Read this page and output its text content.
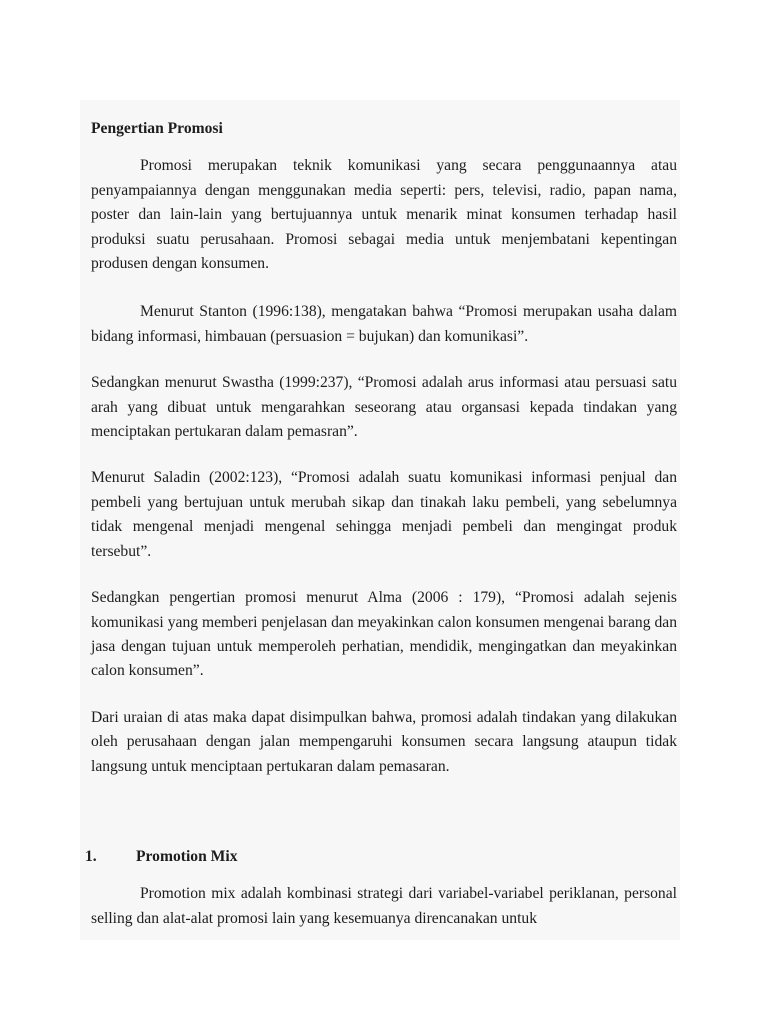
Pengertian Promosi

Promosi merupakan teknik komunikasi yang secara penggunaannya atau penyampaiannya dengan menggunakan media seperti: pers, televisi, radio, papan nama, poster dan lain-lain yang bertujuannya untuk menarik minat konsumen terhadap hasil produksi suatu perusahaan. Promosi sebagai media untuk menjembatani kepentingan produsen dengan konsumen.

Menurut Stanton (1996:138), mengatakan bahwa “Promosi merupakan usaha dalam bidang informasi, himbauan (persuasion = bujukan) dan komunikasi”.

Sedangkan menurut Swastha (1999:237), “Promosi adalah arus informasi atau persuasi satu arah yang dibuat untuk mengarahkan seseorang atau organsasi kepada tindakan yang menciptakan pertukaran dalam pemasran”.

Menurut Saladin (2002:123), “Promosi adalah suatu komunikasi informasi penjual dan pembeli yang bertujuan untuk merubah sikap dan tinakah laku pembeli, yang sebelumnya tidak mengenal menjadi mengenal sehingga menjadi pembeli dan mengingat produk tersebut”.

Sedangkan pengertian promosi menurut Alma (2006 : 179), “Promosi adalah sejenis komunikasi yang memberi penjelasan dan meyakinkan calon konsumen mengenai barang dan jasa dengan tujuan untuk memperoleh perhatian, mendidik, mengingatkan dan meyakinkan calon konsumen”.

Dari uraian di atas maka dapat disimpulkan bahwa, promosi adalah tindakan yang dilakukan oleh perusahaan dengan jalan mempengaruhi konsumen secara langsung ataupun tidak langsung untuk menciptaan pertukaran dalam pemasaran.

1.	Promotion Mix

Promotion mix adalah kombinasi strategi dari variabel-variabel periklanan, personal selling dan alat-alat promosi lain yang kesemuanya direncanakan untuk
